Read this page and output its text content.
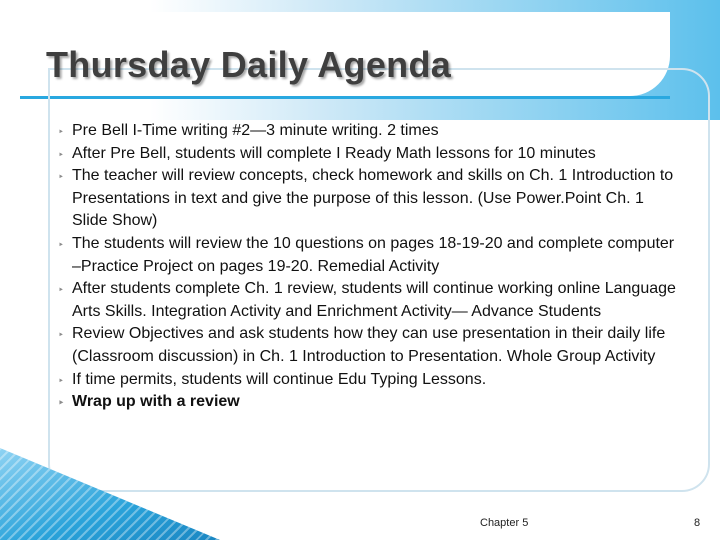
Thursday Daily Agenda
‣ Pre Bell I-Time writing #2—3 minute writing. 2 times
‣ After Pre Bell, students will complete I Ready Math lessons for 10 minutes
‣ The teacher will review concepts, check homework and skills on Ch. 1 Introduction to Presentations in text and give the purpose of this lesson. (Use Power.Point Ch. 1 Slide Show)
‣ The students will review the 10 questions on pages 18-19-20 and complete computer –Practice Project on pages 19-20. Remedial Activity
‣ After students complete Ch. 1 review, students will continue working online Language Arts Skills. Integration Activity and Enrichment Activity— Advance Students
‣ Review Objectives and ask students how they can use presentation in their daily life (Classroom discussion) in Ch. 1 Introduction to Presentation. Whole Group Activity
‣ If time permits, students will continue Edu Typing Lessons.
‣ Wrap up with a review
Chapter 5	8
